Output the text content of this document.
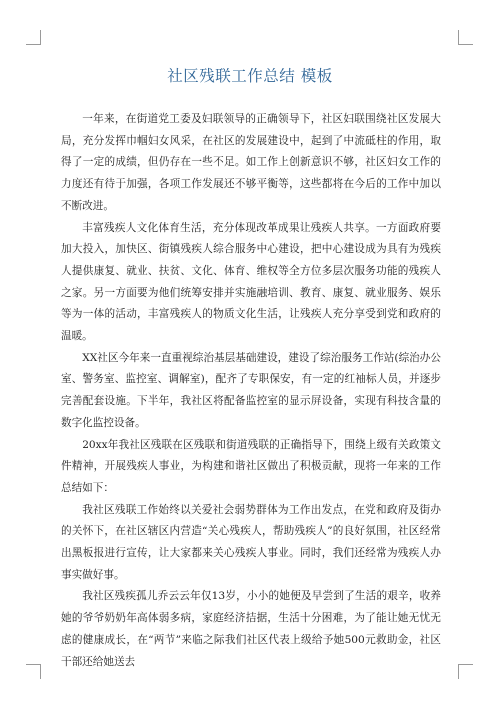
社区残联工作总结 模板

一年来，在街道党工委及妇联领导的正确领导下，社区妇联围绕社区发展大局，充分发挥巾帼妇女风采，在社区的发展建设中，起到了中流砥柱的作用，取得了一定的成绩，但仍存在一些不足。如工作上创新意识不够，社区妇女工作的力度还有待于加强，各项工作发展还不够平衡等，这些都将在今后的工作中加以不断改进。

丰富残疾人文化体育生活，充分体现改革成果让残疾人共享。一方面政府要加大投入，加快区、街镇残疾人综合服务中心建设，把中心建设成为具有为残疾人提供康复、就业、扶贫、文化、体育、维权等全方位多层次服务功能的残疾人之家。另一方面要为他们统筹安排并实施融培训、教育、康复、就业服务、娱乐等为一体的活动，丰富残疾人的物质文化生活，让残疾人充分享受到党和政府的温暖。

XX社区今年来一直重视综治基层基础建设，建设了综治服务工作站(综治办公室、警务室、监控室、调解室)，配齐了专职保安，有一定的红袖标人员，并逐步完善配套设施。下半年，我社区将配备监控室的显示屏设备，实现有科技含量的数字化监控设备。

20xx年我社区残联在区残联和街道残联的正确指导下，围绕上级有关政策文件精神，开展残疾人事业，为构建和谐社区做出了积极贡献，现将一年来的工作总结如下：

我社区残联工作始终以关爱社会弱势群体为工作出发点，在党和政府及街办的关怀下，在社区辖区内营造“关心残疾人，帮助残疾人”的良好氛围，社区经常出黑板报进行宣传，让大家都来关心残疾人事业。同时，我们还经常为残疾人办事实做好事。

我社区残疾孤儿乔云云年仅13岁，小小的她便及早尝到了生活的艰辛，收养她的爷爷奶奶年高体弱多病，家庭经济拮据，生活十分困难，为了能让她无忧无虑的健康成长，在“两节”来临之际我们社区代表上级给予她500元救助金，社区干部还给她送去
